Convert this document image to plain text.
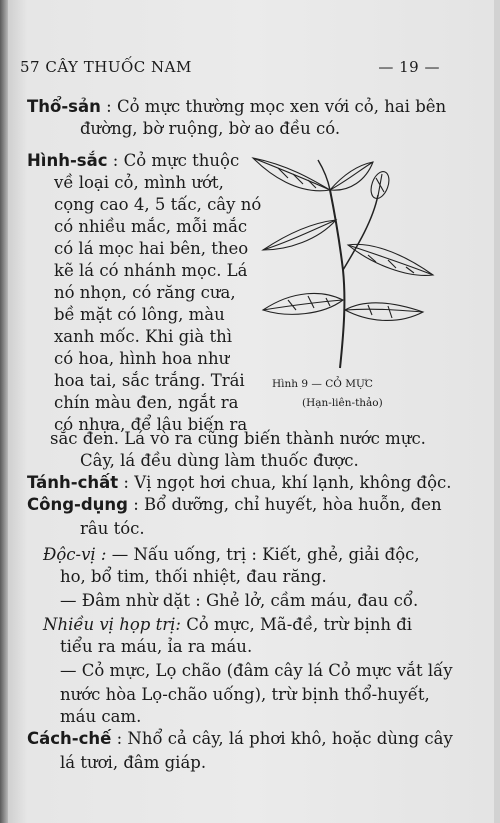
57 CÂY THUỐC NAM	— 19 —
Thổ-sản : Cỏ mực thường mọc xen với cỏ, hai bên
đường, bờ ruộng, bờ ao đều có.
Hình-sắc : Cỏ mực thuộc
về loại cỏ, mình ướt,
cọng cao 4, 5 tấc, cây nó
có nhiều mắc, mỗi mắc
có lá mọc hai bên, theo
kẽ lá có nhánh mọc. Lá
nó nhọn, có răng cưa,
bề mặt có lông, màu
xanh mốc. Khi già thì
có hoa, hình hoa như
hoa tai, sắc trắng. Trái
chín màu đen, ngắt ra
có nhựa, để lâu biến ra
sắc đen. Lá vò ra cũng biến thành nước mực.
Cây, lá đều dùng làm thuốc được.
Hình 9 — CỎ MỰC
(Hạn-liên-thảo)
Tánh-chất : Vị ngọt hơi chua, khí lạnh, không độc.
Công-dụng : Bổ dưỡng, chỉ huyết, hòa huỗn, đen
râu tóc.
Độc-vị : — Nấu uống, trị : Kiết, ghẻ, giải độc,
ho, bổ tim, thối nhiệt, đau răng.
— Đâm nhừ dặt : Ghẻ lở, cầm máu, đau cổ.
Nhiều vị họp trị: Cỏ mực, Mã-đề, trừ bịnh đi
tiểu ra máu, ỉa ra máu.
— Cỏ mực, Lọ chão (đâm cây lá Cỏ mực vắt lấy
nước hòa Lọ-chão uống), trừ bịnh thổ-huyết,
máu cam.
Cách-chế : Nhổ cả cây, lá phơi khô, hoặc dùng cây
lá tươi, đâm giáp.
